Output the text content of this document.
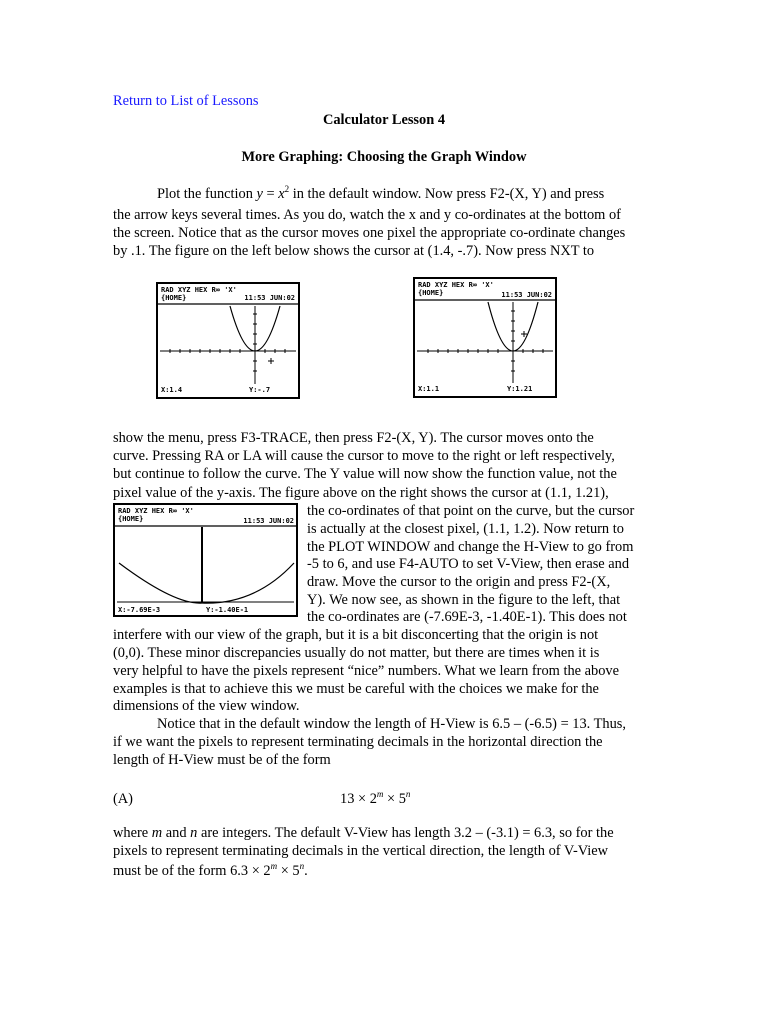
Return to List of Lessons
Calculator Lesson 4
More Graphing: Choosing the Graph Window
Plot the function $y = x^2$ in the default window. Now press F2-(X, Y) and press
the arrow keys several times. As you do, watch the x and y co-ordinates at the bottom of
the screen. Notice that as the cursor moves one pixel the appropriate co-ordinate changes
by .1. The figure on the left below shows the cursor at (1.4, -.7). Now press NXT to
RAD XYZ HEX R∞ 'X'
{HOME}	11:53 JUN:02
X:1.4	Y:-.7
RAD XYZ HEX R∞ 'X'
{HOME}	11:53 JUN:02
X:1.1	Y:1.21
show the menu, press F3-TRACE, then press F2-(X, Y). The cursor moves onto the
curve. Pressing RA or LA will cause the cursor to move to the right or left respectively,
but continue to follow the curve. The Y value will now show the function value, not the
pixel value of the y-axis. The figure above on the right shows the cursor at (1.1, 1.21),
RAD XYZ HEX R∞ 'X'
{HOME}	11:53 JUN:02
X:-7.69E-3	Y:-1.40E-1
the co-ordinates of that point on the curve, but the cursor
is actually at the closest pixel, (1.1, 1.2). Now return to
the PLOT WINDOW and change the H-View to go from
-5 to 6, and use F4-AUTO to set V-View, then erase and
draw. Move the cursor to the origin and press F2-(X,
Y). We now see, as shown in the figure to the left, that
the co-ordinates are (-7.69E-3, -1.40E-1). This does not
interfere with our view of the graph, but it is a bit disconcerting that the origin is not
(0,0). These minor discrepancies usually do not matter, but there are times when it is
very helpful to have the pixels represent “nice” numbers. What we learn from the above
examples is that to achieve this we must be careful with the choices we make for the
dimensions of the view window.
Notice that in the default window the length of H-View is 6.5 – (-6.5) = 13. Thus,
if we want the pixels to represent terminating decimals in the horizontal direction the
length of H-View must be of the form
(A)	$13 \times 2^m \times 5^n$
where m and n are integers. The default V-View has length 3.2 – (-3.1) = 6.3, so for the
pixels to represent terminating decimals in the vertical direction, the length of V-View
must be of the form $6.3 \times 2^m \times 5^n$.
